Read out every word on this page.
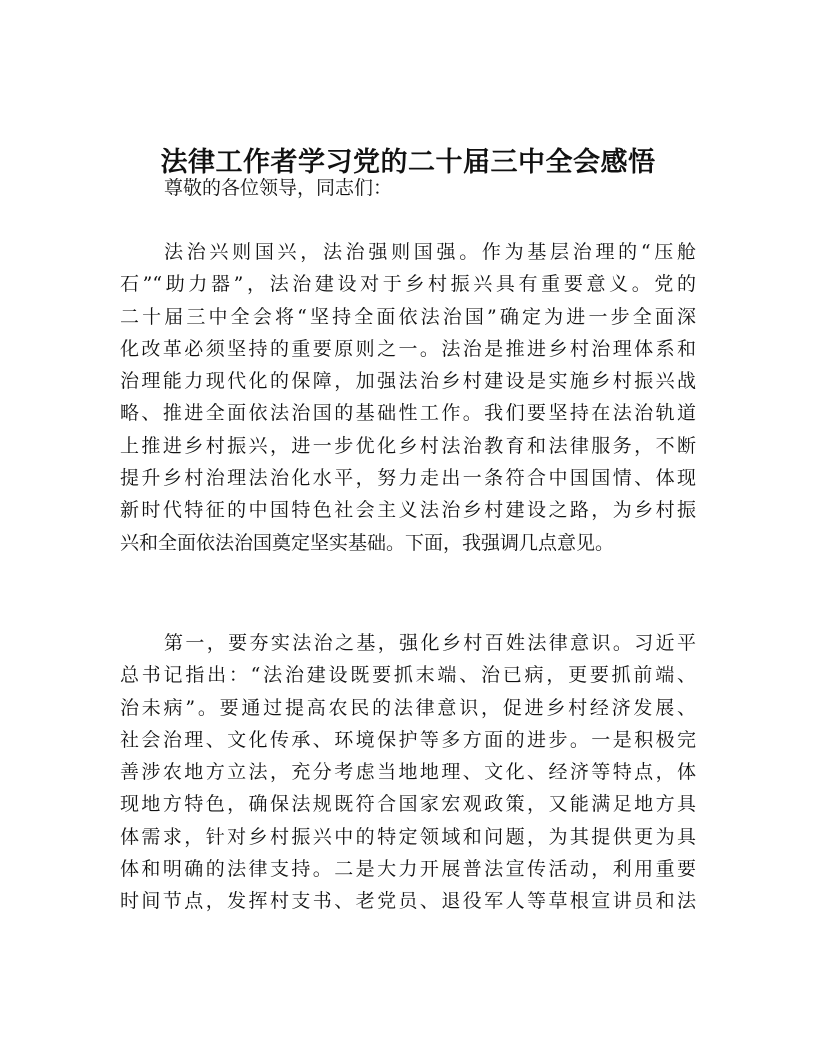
法律工作者学习党的二十届三中全会感悟

尊敬的各位领导，同志们：

法治兴则国兴，法治强则国强。作为基层治理的“压舱
石”“助力器”，法治建设对于乡村振兴具有重要意义。党的
二十届三中全会将“坚持全面依法治国”确定为进一步全面深
化改革必须坚持的重要原则之一。法治是推进乡村治理体系和
治理能力现代化的保障，加强法治乡村建设是实施乡村振兴战
略、推进全面依法治国的基础性工作。我们要坚持在法治轨道
上推进乡村振兴，进一步优化乡村法治教育和法律服务，不断
提升乡村治理法治化水平，努力走出一条符合中国国情、体现
新时代特征的中国特色社会主义法治乡村建设之路，为乡村振
兴和全面依法治国奠定坚实基础。下面，我强调几点意见。
第一，要夯实法治之基，强化乡村百姓法律意识。习近平
总书记指出：“法治建设既要抓末端、治已病，更要抓前端、
治未病”。要通过提高农民的法律意识，促进乡村经济发展、
社会治理、文化传承、环境保护等多方面的进步。一是积极完
善涉农地方立法，充分考虑当地地理、文化、经济等特点，体
现地方特色，确保法规既符合国家宏观政策，又能满足地方具
体需求，针对乡村振兴中的特定领域和问题，为其提供更为具
体和明确的法律支持。二是大力开展普法宣传活动，利用重要
时间节点，发挥村支书、老党员、退役军人等草根宣讲员和法
